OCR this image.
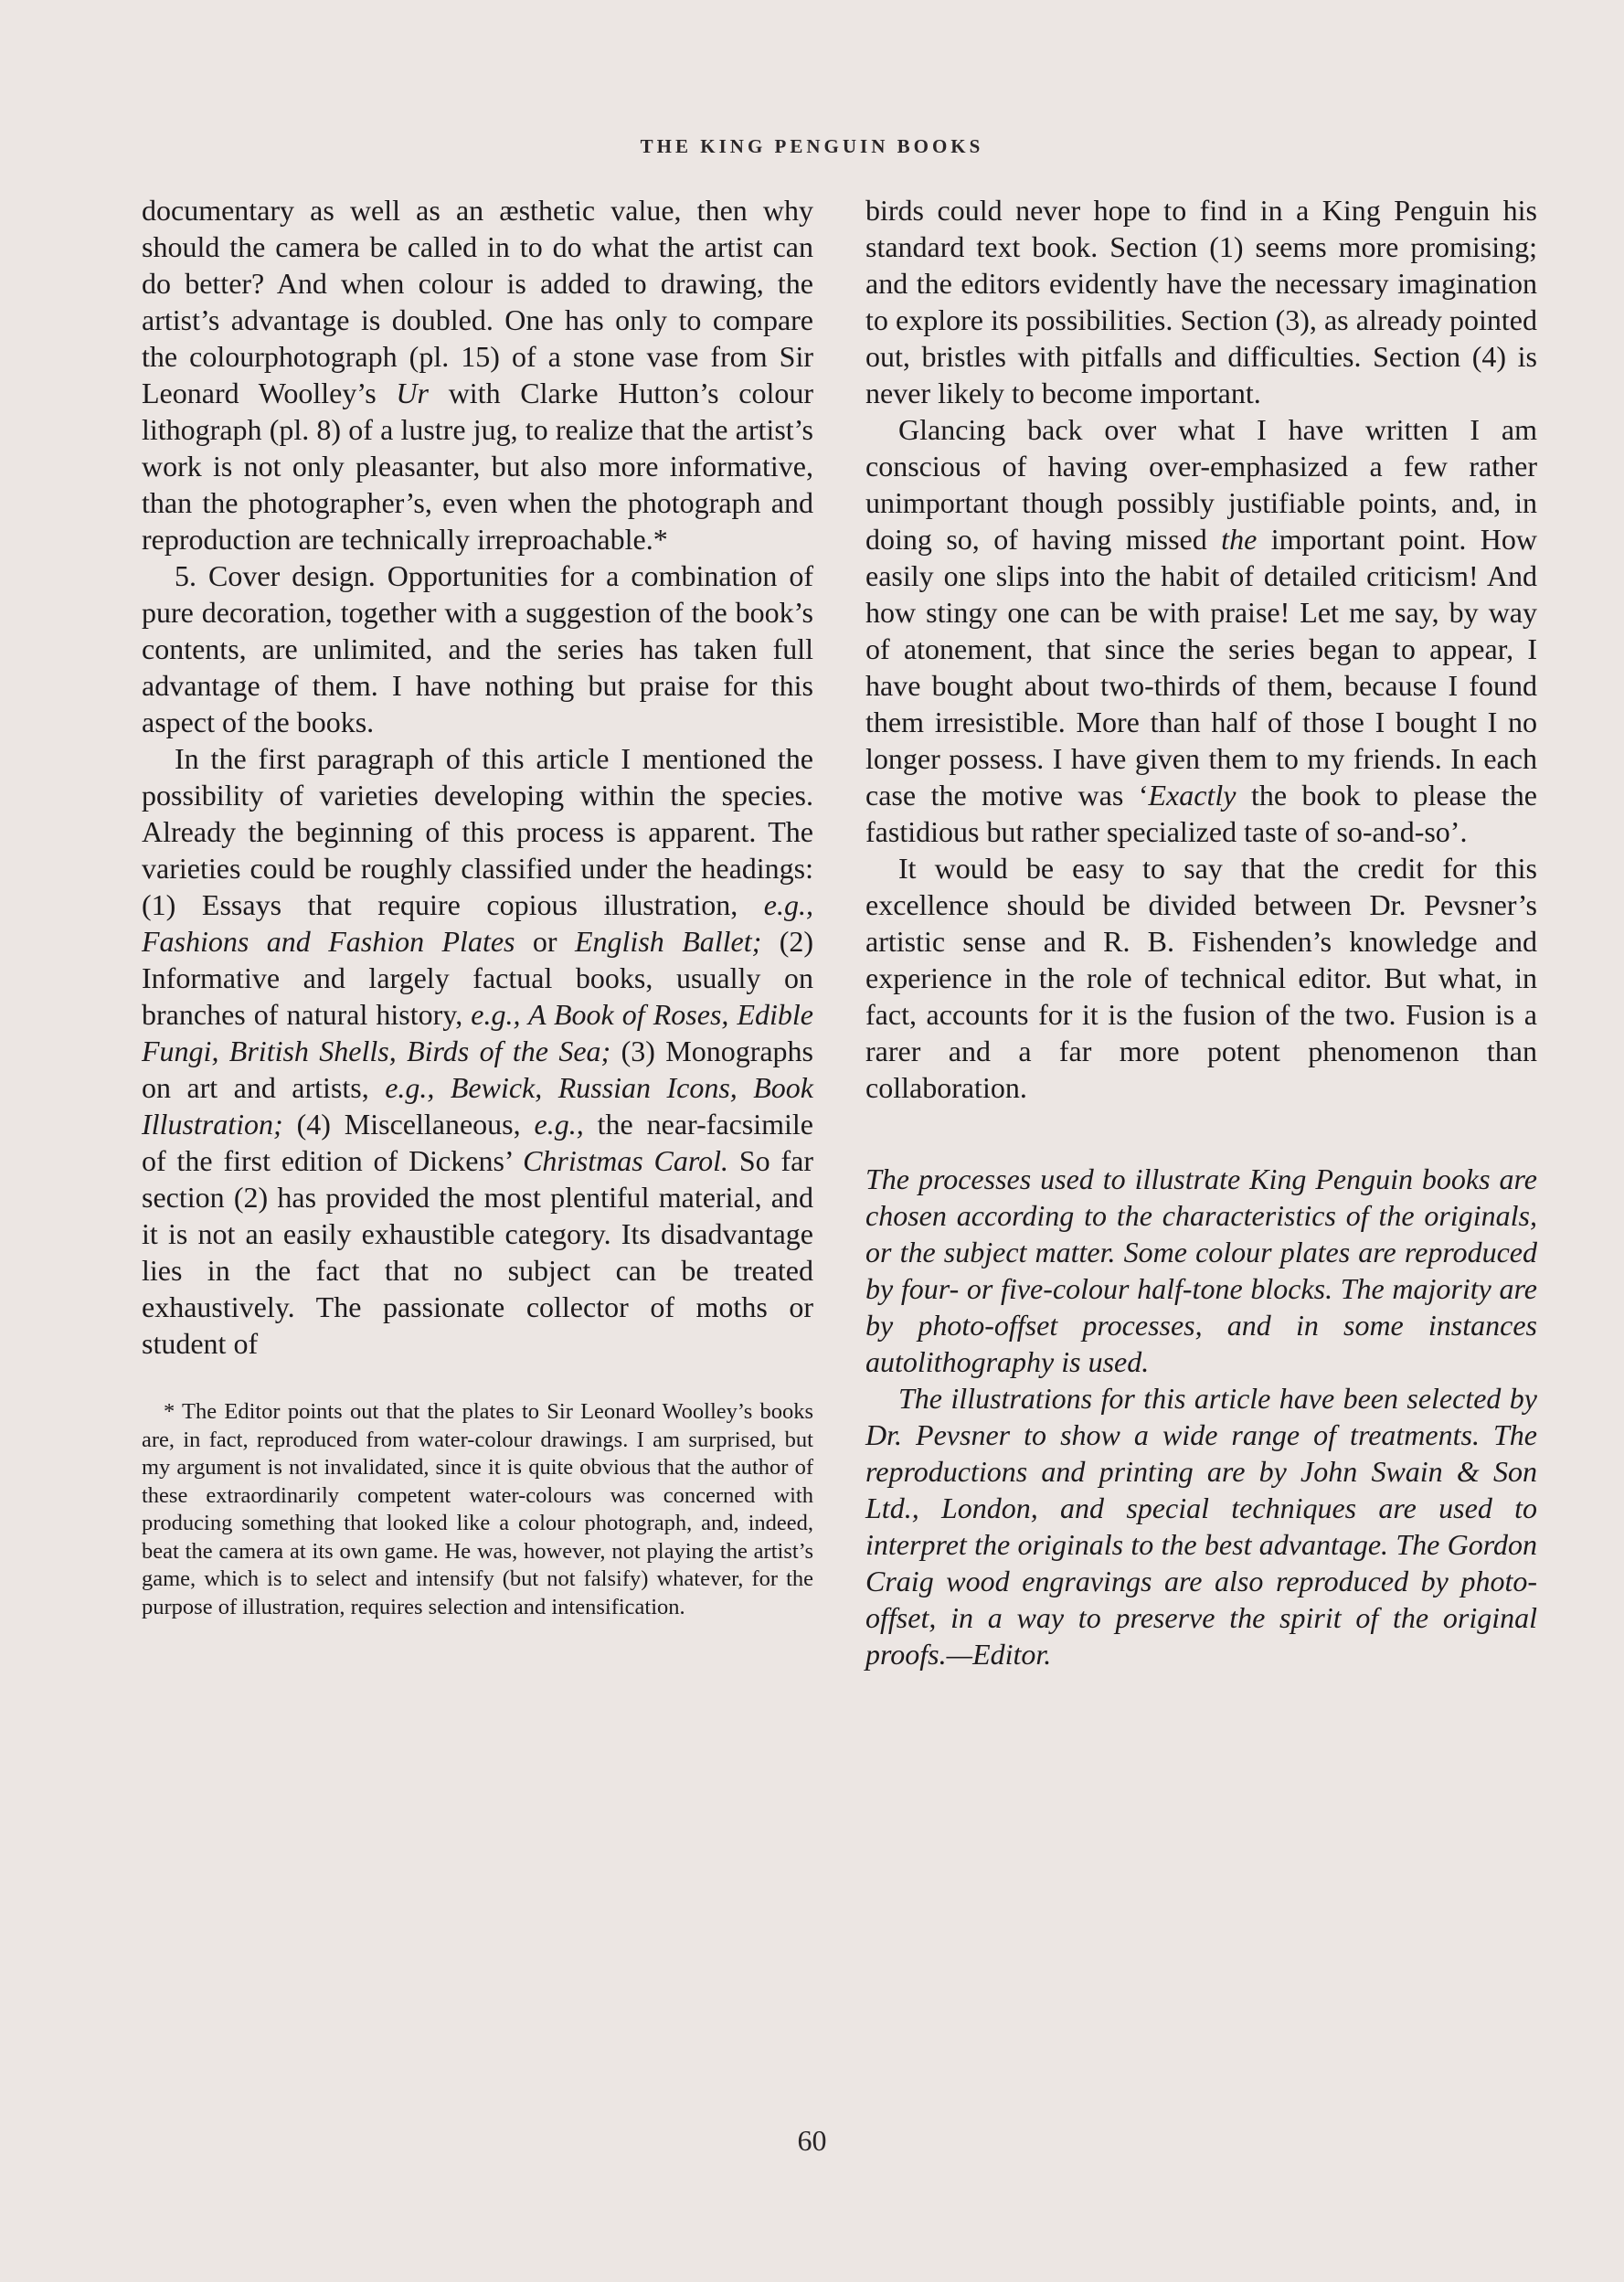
THE KING PENGUIN BOOKS

documentary as well as an æsthetic value, then why should the camera be called in to do what the artist can do better? And when colour is added to drawing, the artist’s advantage is doubled. One has only to compare the colourphotograph (pl. 15) of a stone vase from Sir Leonard Woolley’s Ur with Clarke Hutton’s colour lithograph (pl. 8) of a lustre jug, to realize that the artist’s work is not only pleasanter, but also more informative, than the photographer’s, even when the photograph and reproduction are technically irreproachable.*

5. Cover design. Opportunities for a combination of pure decoration, together with a suggestion of the book’s contents, are unlimited, and the series has taken full advantage of them. I have nothing but praise for this aspect of the books.

In the first paragraph of this article I mentioned the possibility of varieties developing within the species. Already the beginning of this process is apparent. The varieties could be roughly classified under the headings: (1) Essays that require copious illustration, e.g., Fashions and Fashion Plates or English Ballet; (2) Informative and largely factual books, usually on branches of natural history, e.g., A Book of Roses, Edible Fungi, British Shells, Birds of the Sea; (3) Monographs on art and artists, e.g., Bewick, Russian Icons, Book Illustration; (4) Miscellaneous, e.g., the near-facsimile of the first edition of Dickens’ Christmas Carol. So far section (2) has provided the most plentiful material, and it is not an easily exhaustible category. Its disadvantage lies in the fact that no subject can be treated exhaustively. The passionate collector of moths or student of

* The Editor points out that the plates to Sir Leonard Woolley’s books are, in fact, reproduced from water-colour drawings. I am surprised, but my argument is not invalidated, since it is quite obvious that the author of these extraordinarily competent water-colours was concerned with producing something that looked like a colour photograph, and, indeed, beat the camera at its own game. He was, however, not playing the artist’s game, which is to select and intensify (but not falsify) whatever, for the purpose of illustration, requires selection and intensification.

birds could never hope to find in a King Penguin his standard text book. Section (1) seems more promising; and the editors evidently have the necessary imagination to explore its possibilities. Section (3), as already pointed out, bristles with pitfalls and difficulties. Section (4) is never likely to become important.

Glancing back over what I have written I am conscious of having over-emphasized a few rather unimportant though possibly justifiable points, and, in doing so, of having missed the important point. How easily one slips into the habit of detailed criticism! And how stingy one can be with praise! Let me say, by way of atonement, that since the series began to appear, I have bought about two-thirds of them, because I found them irresistible. More than half of those I bought I no longer possess. I have given them to my friends. In each case the motive was ‘Exactly the book to please the fastidious but rather specialized taste of so-and-so’.

It would be easy to say that the credit for this excellence should be divided between Dr. Pevsner’s artistic sense and R. B. Fishenden’s knowledge and experience in the role of technical editor. But what, in fact, accounts for it is the fusion of the two. Fusion is a rarer and a far more potent phenomenon than collaboration.

The processes used to illustrate King Penguin books are chosen according to the characteristics of the originals, or the subject matter. Some colour plates are reproduced by four- or five-colour half-tone blocks. The majority are by photo-offset processes, and in some instances autolithography is used.

The illustrations for this article have been selected by Dr. Pevsner to show a wide range of treatments. The reproductions and printing are by John Swain & Son Ltd., London, and special techniques are used to interpret the originals to the best advantage. The Gordon Craig wood engravings are also reproduced by photo-offset, in a way to preserve the spirit of the original proofs.—Editor.

60
